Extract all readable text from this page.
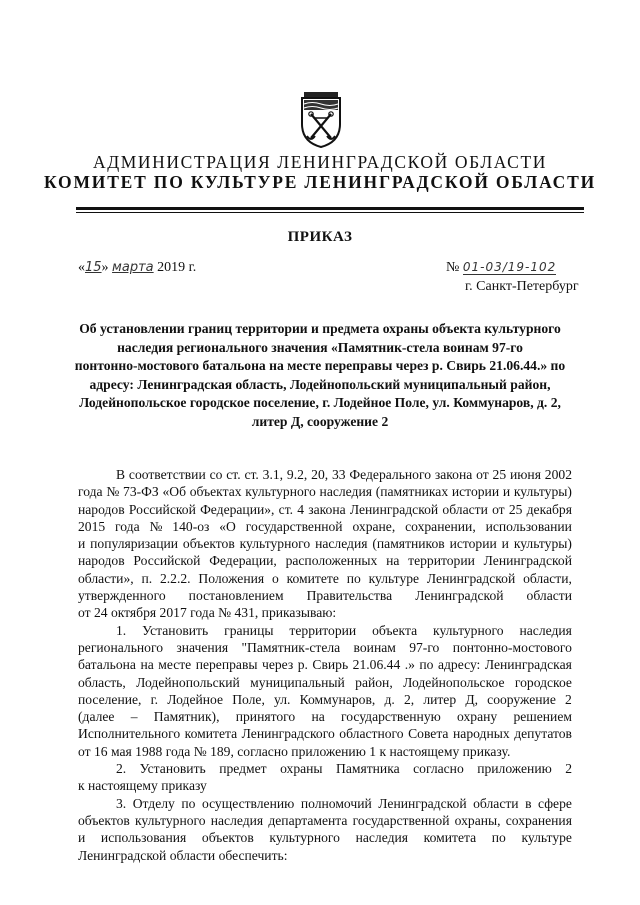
АДМИНИСТРАЦИЯ ЛЕНИНГРАДСКОЙ ОБЛАСТИ
КОМИТЕТ ПО КУЛЬТУРЕ ЛЕНИНГРАДСКОЙ ОБЛАСТИ
ПРИКАЗ
«15» марта 2019 г.	№ 01-03/19-102
г. Санкт-Петербург
Об установлении границ территории и предмета охраны объекта культурного
наследия регионального значения «Памятник-стела воинам 97-го
понтонно-мостового батальона на месте переправы через р. Свирь 21.06.44.» по
адресу: Ленинградская область, Лодейнопольский муниципальный район,
Лодейнопольское городское поселение, г. Лодейное Поле, ул. Коммунаров, д. 2,
литер Д, сооружение 2
В соответствии со ст. ст. 3.1, 9.2, 20, 33 Федерального закона от 25 июня 2002
года № 73-ФЗ «Об объектах культурного наследия (памятниках истории и культуры)
народов Российской Федерации», ст. 4 закона Ленинградской области от 25 декабря
2015 года № 140-оз «О государственной охране, сохранении, использовании
и популяризации объектов культурного наследия (памятников истории и культуры)
народов Российской Федерации, расположенных на территории Ленинградской
области», п. 2.2.2. Положения о комитете по культуре Ленинградской области,
утвержденного постановлением Правительства Ленинградской области
от 24 октября 2017 года № 431, приказываю:
1. Установить границы территории объекта культурного наследия
регионального значения "Памятник-стела воинам 97-го понтонно-мостового
батальона на месте переправы через р. Свирь 21.06.44 .» по адресу: Ленинградская
область, Лодейнопольский муниципальный район, Лодейнопольское городское
поселение, г. Лодейное Поле, ул. Коммунаров, д. 2, литер Д, сооружение 2
(далее – Памятник), принятого на государственную охрану решением
Исполнительного комитета Ленинградского областного Совета народных депутатов
от 16 мая 1988 года № 189, согласно приложению 1 к настоящему приказу.
2. Установить предмет охраны Памятника согласно приложению 2
к настоящему приказу
3. Отделу по осуществлению полномочий Ленинградской области в сфере
объектов культурного наследия департамента государственной охраны, сохранения
и использования объектов культурного наследия комитета по культуре
Ленинградской области обеспечить:
